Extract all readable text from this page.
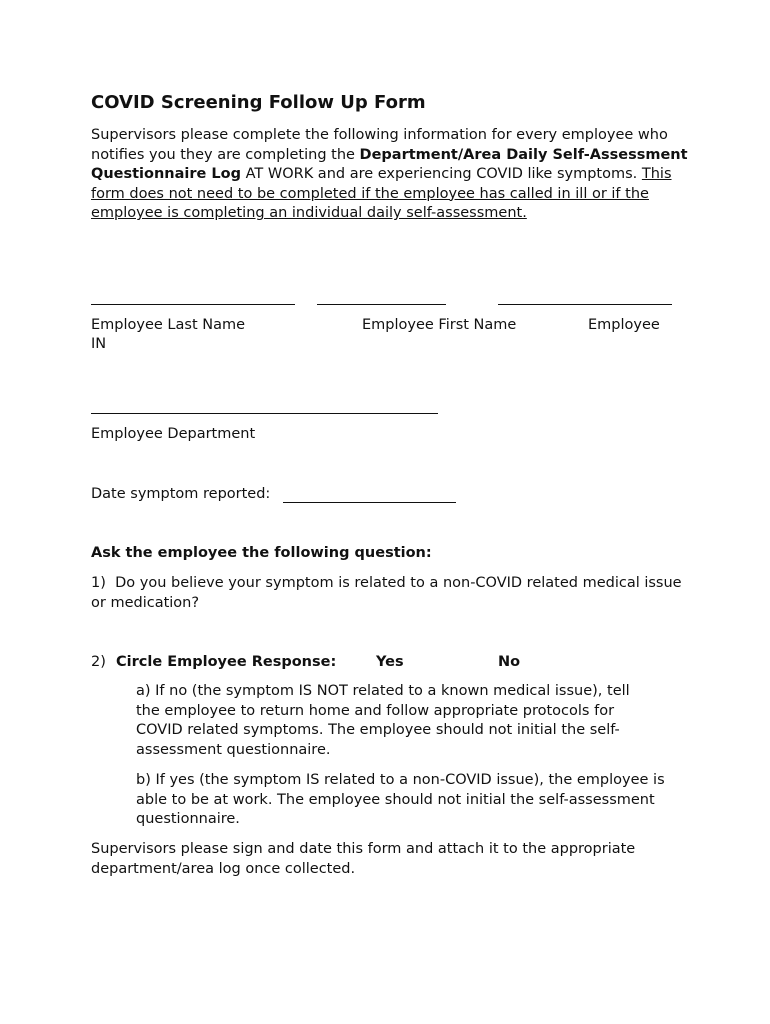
COVID Screening Follow Up Form
Supervisors please complete the following information for every employee who notifies you they are completing the Department/Area Daily Self-Assessment Questionnaire Log AT WORK and are experiencing COVID like symptoms. This form does not need to be completed if the employee has called in ill or if the employee is completing an individual daily self-assessment.
Employee Last Name	Employee First Name	Employee
IN
Employee Department
Date symptom reported:
Ask the employee the following question:
1) Do you believe your symptom is related to a non-COVID related medical issue or medication?
2) Circle Employee Response:	Yes	No
a) If no (the symptom IS NOT related to a known medical issue), tell the employee to return home and follow appropriate protocols for COVID related symptoms. The employee should not initial the self-assessment questionnaire.
b) If yes (the symptom IS related to a non-COVID issue), the employee is able to be at work. The employee should not initial the self-assessment questionnaire.
Supervisors please sign and date this form and attach it to the appropriate department/area log once collected.
